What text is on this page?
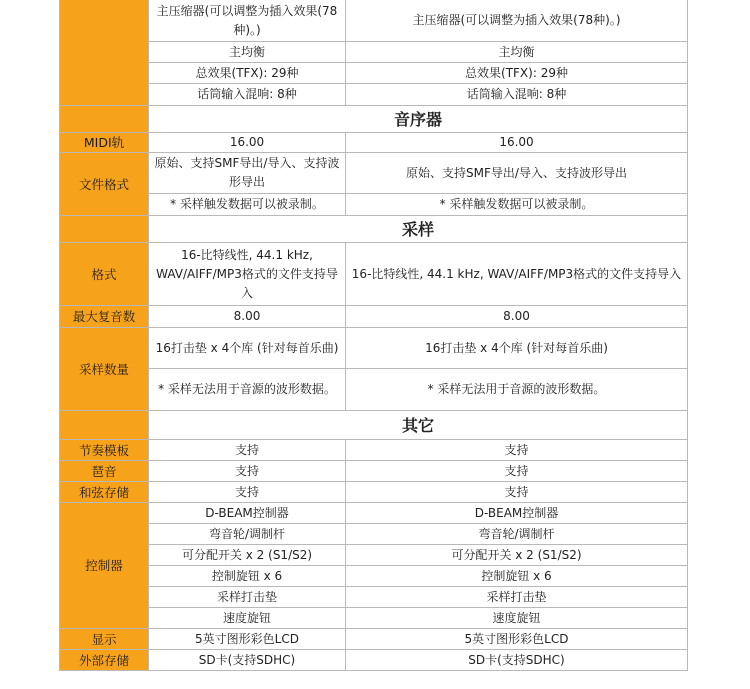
	主压缩器(可以调整为插入效果(78种)。)	主压缩器(可以调整为插入效果(78种)。)
	主均衡	主均衡
	总效果(TFX): 29种	总效果(TFX): 29种
	话筒输入混响: 8种	话筒输入混响: 8种
	音序器	
MIDI轨	16.00	16.00
文件格式	原始、支持SMF导出/导入、支持波形导出	原始、支持SMF导出/导入、支持波形导出
	* 采样触发数据可以被录制。	* 采样触发数据可以被录制。
	采样	
格式	16-比特线性, 44.1 kHz, WAV/AIFF/MP3格式的文件支持导入	16-比特线性, 44.1 kHz, WAV/AIFF/MP3格式的文件支持导入
最大复音数	8.00	8.00
采样数量	16打击垫 x 4个库 (针对每首乐曲)	16打击垫 x 4个库 (针对每首乐曲)
	* 采样无法用于音源的波形数据。	* 采样无法用于音源的波形数据。
	其它	
节奏模板	支持	支持
琶音	支持	支持
和弦存储	支持	支持
控制器	D-BEAM控制器	D-BEAM控制器
	弯音轮/调制杆	弯音轮/调制杆
	可分配开关 x 2 (S1/S2)	可分配开关 x 2 (S1/S2)
	控制旋钮 x 6	控制旋钮 x 6
	采样打击垫	采样打击垫
	速度旋钮	速度旋钮
显示	5英寸图形彩色LCD	5英寸图形彩色LCD
外部存储	SD卡(支持SDHC)	SD卡(支持SDHC)
